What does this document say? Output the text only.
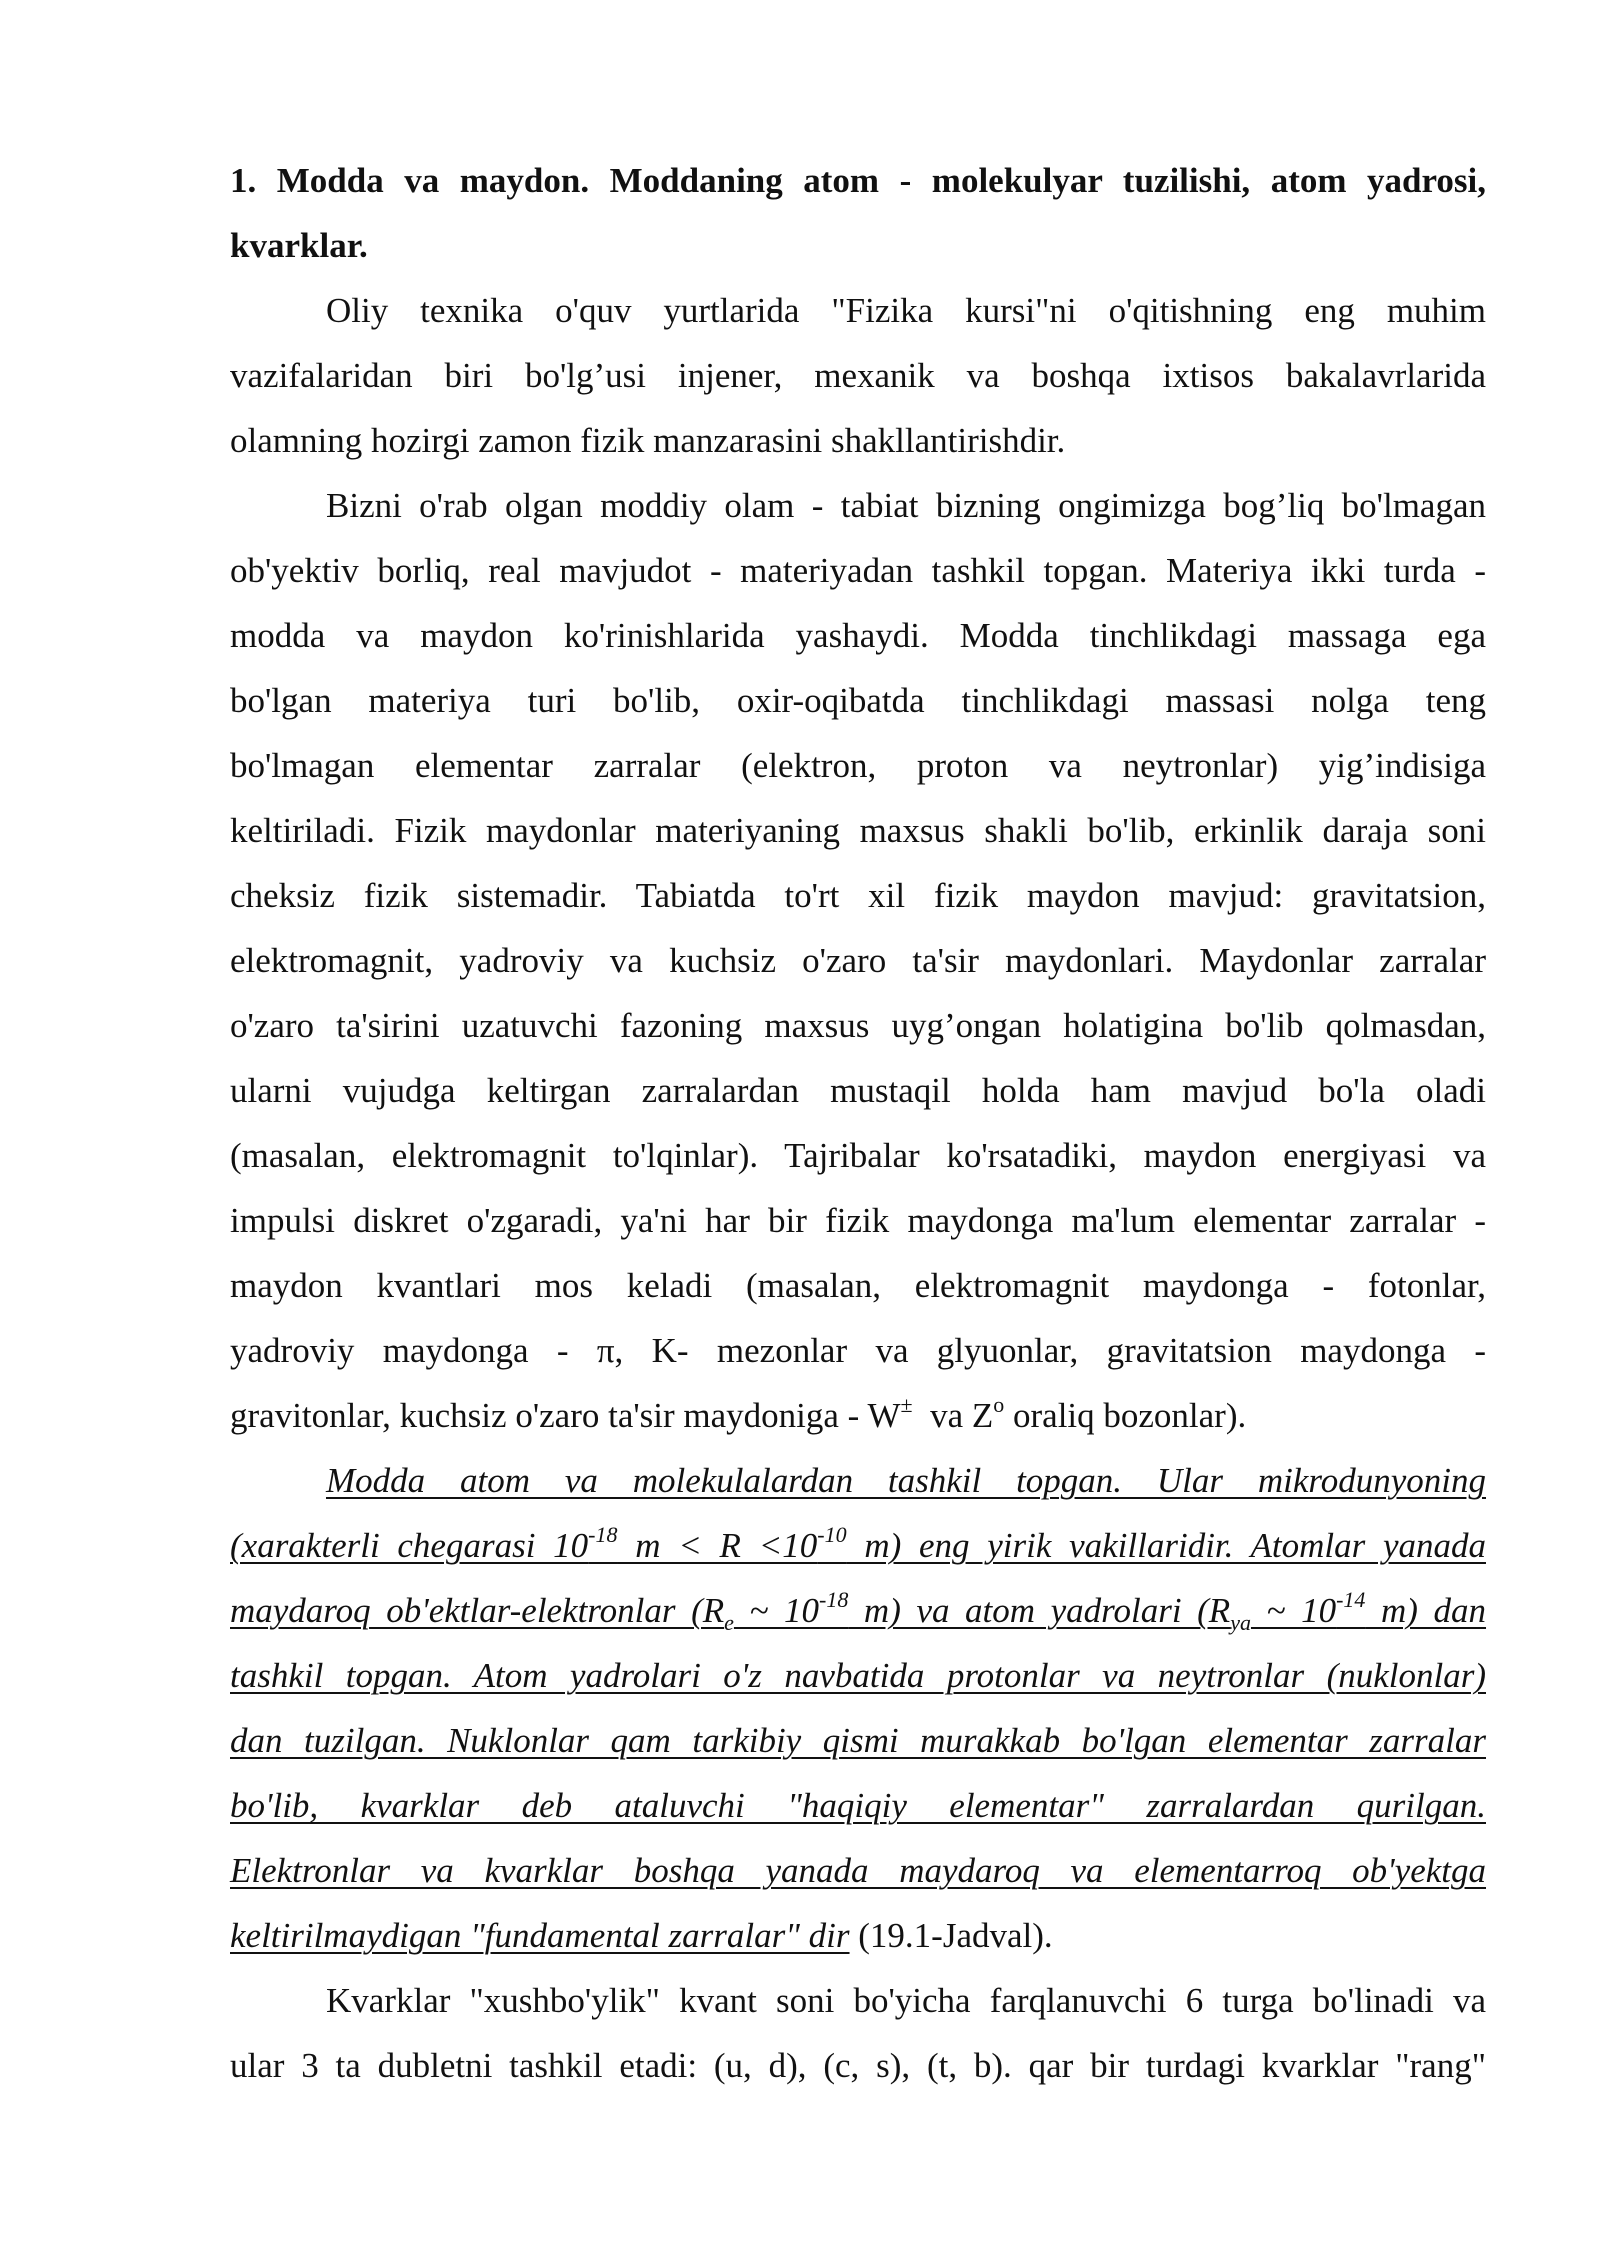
1. Modda va maydon. Moddaning atom - molekulyar tuzilishi, atom yadrosi,
kvarklar.
Oliy texnika o'quv yurtlarida "Fizika kursi"ni o'qitishning eng muhim
vazifalaridan biri bo'lg’usi injener, mexanik va boshqa ixtisos bakalavrlarida
olamning hozirgi zamon fizik manzarasini shakllantirishdir.
Bizni o'rab olgan moddiy olam - tabiat bizning ongimizga bog’liq bo'lmagan
ob'yektiv borliq, real mavjudot - materiyadan tashkil topgan. Materiya ikki turda -
modda va maydon ko'rinishlarida yashaydi. Modda tinchlikdagi massaga ega
bo'lgan materiya turi bo'lib, oxir-oqibatda tinchlikdagi massasi nolga teng
bo'lmagan elementar zarralar (elektron, proton va neytronlar) yig’indisiga
keltiriladi. Fizik maydonlar materiyaning maxsus shakli bo'lib, erkinlik daraja soni
cheksiz fizik sistemadir. Tabiatda to'rt xil fizik maydon mavjud: gravitatsion,
elektromagnit, yadroviy va kuchsiz o'zaro ta'sir maydonlari. Maydonlar zarralar
o'zaro ta'sirini uzatuvchi fazoning maxsus uyg’ongan holatigina bo'lib qolmasdan,
ularni vujudga keltirgan zarralardan mustaqil holda ham mavjud bo'la oladi
(masalan, elektromagnit to'lqinlar). Tajribalar ko'rsatadiki, maydon energiyasi va
impulsi diskret o'zgaradi, ya'ni har bir fizik maydonga ma'lum elementar zarralar -
maydon kvantlari mos keladi (masalan, elektromagnit maydonga - fotonlar,
yadroviy maydonga - π, K- mezonlar va glyuonlar, gravitatsion maydonga -
gravitonlar, kuchsiz o'zaro ta'sir maydoniga - W±  va $Z^o$ oraliq bozonlar).
Modda atom va molekulalardan tashkil topgan. Ular mikrodunyoning
(xarakterli chegarasi $10^{-18}$ $m < R <10^{-10}$ m) eng yirik vakillaridir. Atomlar yanada
maydaroq ob'ektlar-elektronlar ($R_e$ ~ $10^{-18}$ m) va atom yadrolari ($R_{ya}$ ~ $10^{-14}$ m) dan
tashkil topgan. Atom yadrolari o'z navbatida protonlar va neytronlar (nuklonlar)
dan tuzilgan. Nuklonlar qam tarkibiy qismi murakkab bo'lgan elementar zarralar
bo'lib, kvarklar deb ataluvchi "haqiqiy elementar" zarralardan qurilgan.
Elektronlar va kvarklar boshqa yanada maydaroq va elementarroq ob'yektga
keltirilmaydigan "fundamental zarralar" dir (19.1-Jadval).
Kvarklar "xushbo'ylik" kvant soni bo'yicha farqlanuvchi 6 turga bo'linadi va
ular 3 ta dubletni tashkil etadi: (u, d), (c, s), (t, b). qar bir turdagi kvarklar "rang"
